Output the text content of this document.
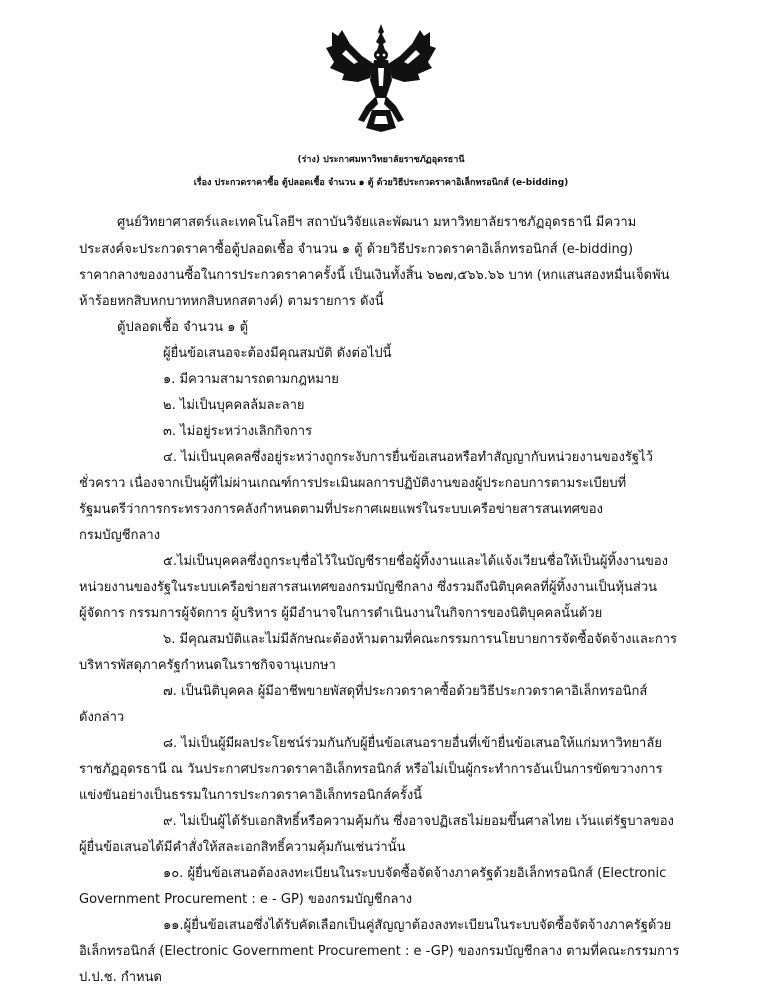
(ร่าง) ประกาศมหาวิทยาลัยราชภัฏอุดรธานี
เรื่อง ประกวดราคาซื้อ ตู้ปลอดเชื้อ จำนวน ๑ ตู้ ด้วยวิธีประกวดราคาอิเล็กทรอนิกส์ (e-bidding)
ศูนย์วิทยาศาสตร์และเทคโนโลยีฯ สถาบันวิจัยและพัฒนา มหาวิทยาลัยราชภัฏอุดรธานี มีความ
ประสงค์จะประกวดราคาซื้อตู้ปลอดเชื้อ จำนวน ๑ ตู้ ด้วยวิธีประกวดราคาอิเล็กทรอนิกส์ (e-bidding)
ราคากลางของงานซื้อในการประกวดราคาครั้งนี้ เป็นเงินทั้งสิ้น ๖๒๗,๕๖๖.๖๖ บาท (หกแสนสองหมื่นเจ็ดพัน
ห้าร้อยหกสิบหกบาทหกสิบหกสตางค์) ตามรายการ ดังนี้
ตู้ปลอดเชื้อ จำนวน ๑ ตู้
ผู้ยื่นข้อเสนอจะต้องมีคุณสมบัติ ดังต่อไปนี้
๑. มีความสามารถตามกฎหมาย
๒. ไม่เป็นบุคคลล้มละลาย
๓. ไม่อยู่ระหว่างเลิกกิจการ
๔. ไม่เป็นบุคคลซึ่งอยู่ระหว่างถูกระงับการยื่นข้อเสนอหรือทำสัญญากับหน่วยงานของรัฐไว้
ชั่วคราว เนื่องจากเป็นผู้ที่ไม่ผ่านเกณฑ์การประเมินผลการปฏิบัติงานของผู้ประกอบการตามระเบียบที่
รัฐมนตรีว่าการกระทรวงการคลังกำหนดตามที่ประกาศเผยแพร่ในระบบเครือข่ายสารสนเทศของ
กรมบัญชีกลาง
๕.ไม่เป็นบุคคลซึ่งถูกระบุชื่อไว้ในบัญชีรายชื่อผู้ทิ้งงานและได้แจ้งเวียนชื่อให้เป็นผู้ทิ้งงานของ
หน่วยงานของรัฐในระบบเครือข่ายสารสนเทศของกรมบัญชีกลาง ซึ่งรวมถึงนิติบุคคลที่ผู้ทิ้งงานเป็นหุ้นส่วน
ผู้จัดการ กรรมการผู้จัดการ ผู้บริหาร ผู้มีอำนาจในการดำเนินงานในกิจการของนิติบุคคลนั้นด้วย
๖. มีคุณสมบัติและไม่มีลักษณะต้องห้ามตามที่คณะกรรมการนโยบายการจัดซื้อจัดจ้างและการ
บริหารพัสดุภาครัฐกำหนดในราชกิจจานุเบกษา
๗. เป็นนิติบุคคล ผู้มีอาชีพขายพัสดุที่ประกวดราคาซื้อด้วยวิธีประกวดราคาอิเล็กทรอนิกส์
ดังกล่าว
๘. ไม่เป็นผู้มีผลประโยชน์ร่วมกันกับผู้ยื่นข้อเสนอรายอื่นที่เข้ายื่นข้อเสนอให้แก่มหาวิทยาลัย
ราชภัฏอุดรธานี ณ วันประกาศประกวดราคาอิเล็กทรอนิกส์ หรือไม่เป็นผู้กระทำการอันเป็นการขัดขวางการ
แข่งขันอย่างเป็นธรรมในการประกวดราคาอิเล็กทรอนิกส์ครั้งนี้
๙. ไม่เป็นผู้ได้รับเอกสิทธิ์หรือความคุ้มกัน ซึ่งอาจปฏิเสธไม่ยอมขึ้นศาลไทย เว้นแต่รัฐบาลของ
ผู้ยื่นข้อเสนอได้มีคำสั่งให้สละเอกสิทธิ์ความคุ้มกันเช่นว่านั้น
๑๐. ผู้ยื่นข้อเสนอต้องลงทะเบียนในระบบจัดซื้อจัดจ้างภาครัฐด้วยอิเล็กทรอนิกส์ (Electronic
Government Procurement : e - GP) ของกรมบัญชีกลาง
๑๑.ผู้ยื่นข้อเสนอซึ่งได้รับคัดเลือกเป็นคู่สัญญาต้องลงทะเบียนในระบบจัดซื้อจัดจ้างภาครัฐด้วย
อิเล็กทรอนิกส์ (Electronic Government Procurement : e -GP) ของกรมบัญชีกลาง ตามที่คณะกรรมการ
ป.ป.ช. กำหนด
